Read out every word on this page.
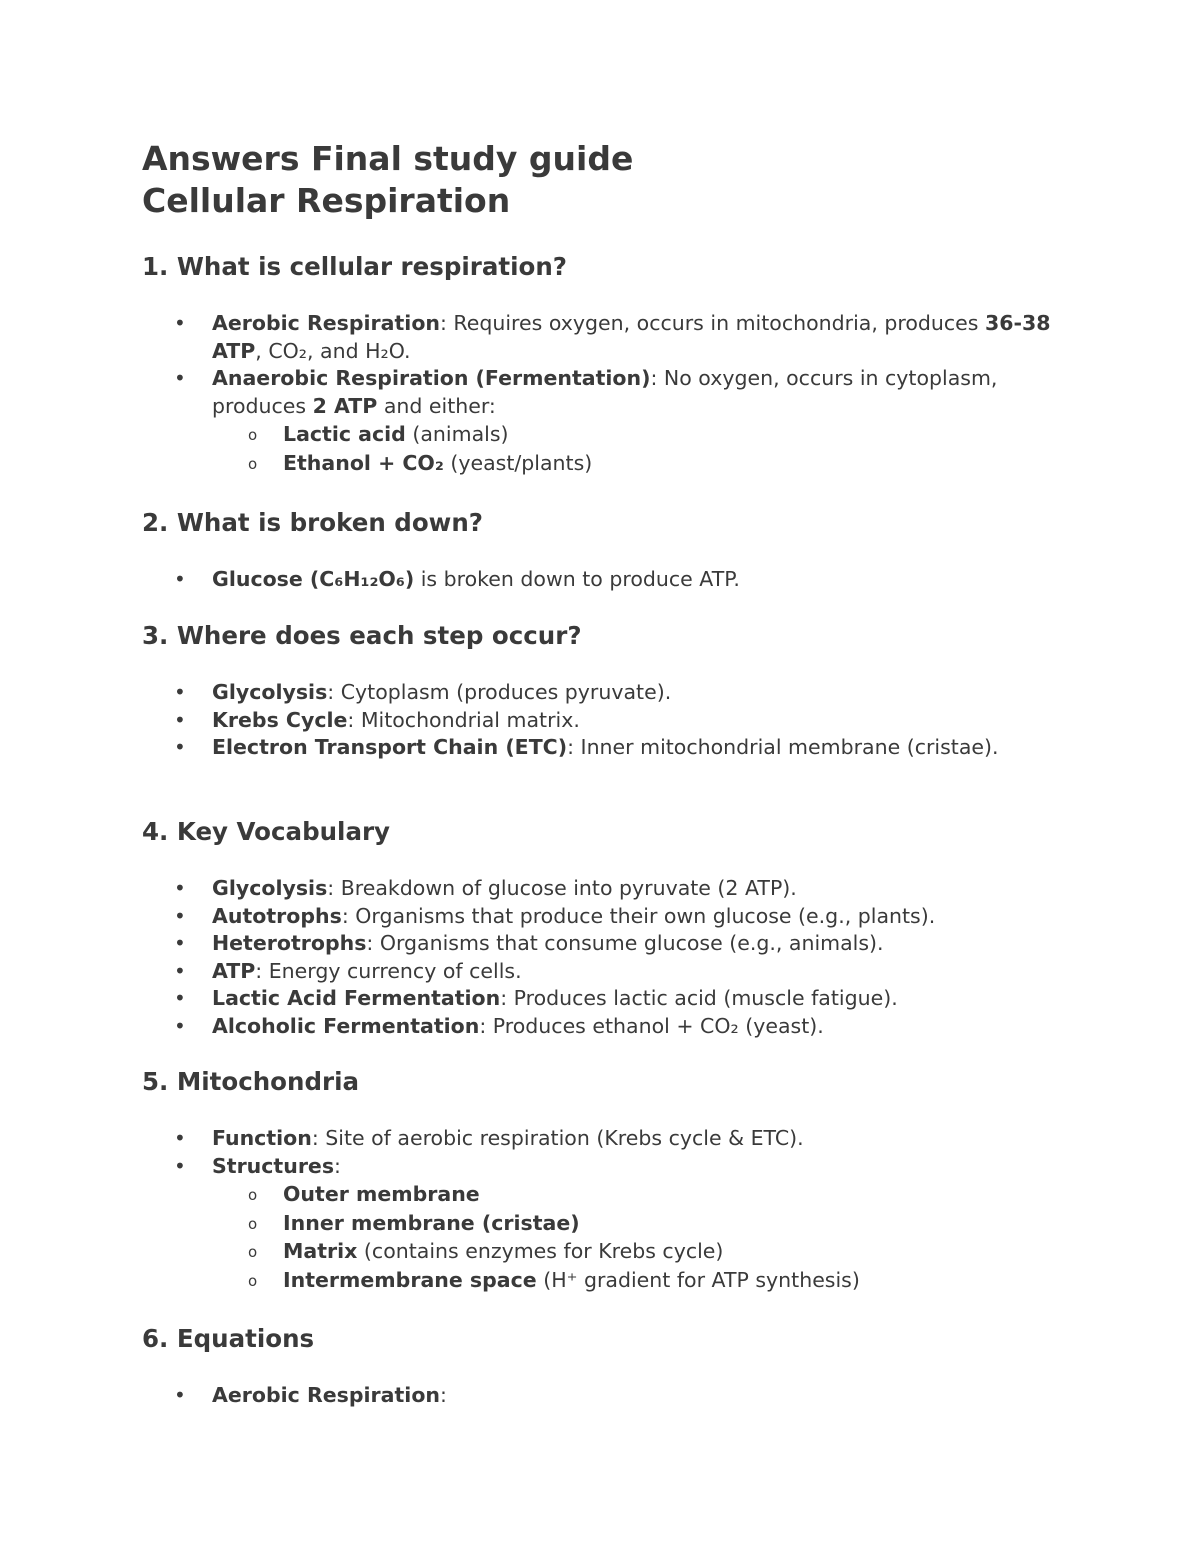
Answers Final study guide
Cellular Respiration
1. What is cellular respiration?
• Aerobic Respiration: Requires oxygen, occurs in mitochondria, produces 36-38 ATP, CO₂, and H₂O.
• Anaerobic Respiration (Fermentation): No oxygen, occurs in cytoplasm, produces 2 ATP and either:
o Lactic acid (animals)
o Ethanol + CO₂ (yeast/plants)
2. What is broken down?
• Glucose (C₆H₁₂O₆) is broken down to produce ATP.
3. Where does each step occur?
• Glycolysis: Cytoplasm (produces pyruvate).
• Krebs Cycle: Mitochondrial matrix.
• Electron Transport Chain (ETC): Inner mitochondrial membrane (cristae).
4. Key Vocabulary
• Glycolysis: Breakdown of glucose into pyruvate (2 ATP).
• Autotrophs: Organisms that produce their own glucose (e.g., plants).
• Heterotrophs: Organisms that consume glucose (e.g., animals).
• ATP: Energy currency of cells.
• Lactic Acid Fermentation: Produces lactic acid (muscle fatigue).
• Alcoholic Fermentation: Produces ethanol + CO₂ (yeast).
5. Mitochondria
• Function: Site of aerobic respiration (Krebs cycle & ETC).
• Structures:
o Outer membrane
o Inner membrane (cristae)
o Matrix (contains enzymes for Krebs cycle)
o Intermembrane space (H⁺ gradient for ATP synthesis)
6. Equations
• Aerobic Respiration:
